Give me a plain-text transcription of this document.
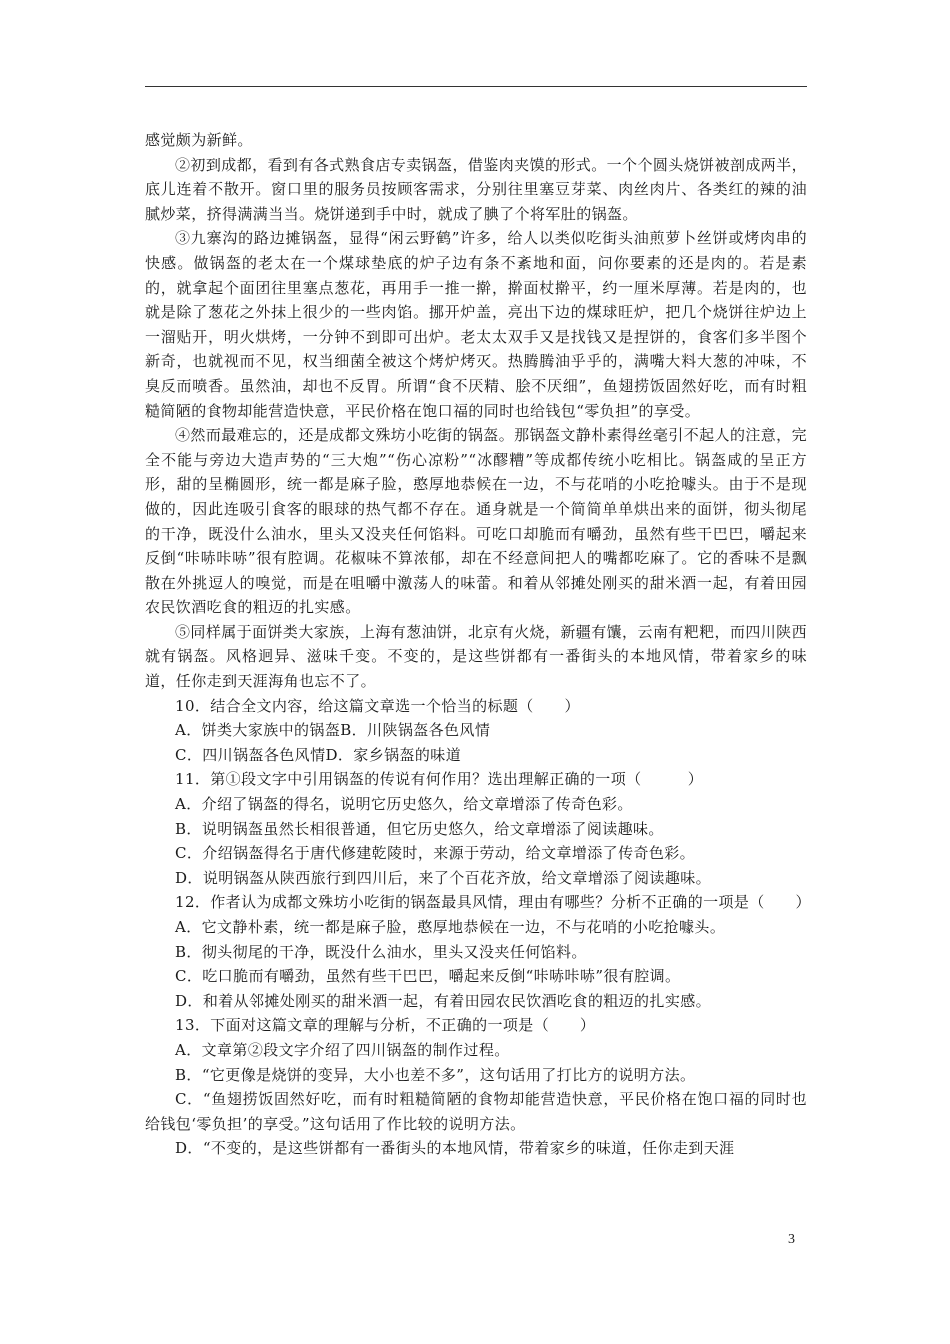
感觉颇为新鲜。

②初到成都，看到有各式熟食店专卖锅盔，借鉴肉夹馍的形式。一个个圆头烧饼被剖成两半，底儿连着不散开。窗口里的服务员按顾客需求，分别往里塞豆芽菜、肉丝肉片、各类红的辣的油腻炒菜，挤得满满当当。烧饼递到手中时，就成了腆了个将军肚的锅盔。

③九寨沟的路边摊锅盔，显得“闲云野鹤”许多，给人以类似吃街头油煎萝卜丝饼或烤肉串的快感。做锅盔的老太在一个煤球垫底的炉子边有条不紊地和面，问你要素的还是肉的。若是素的，就拿起个面团往里塞点葱花，再用手一推一擀，擀面杖擀平，约一厘米厚薄。若是肉的，也就是除了葱花之外抹上很少的一些肉馅。挪开炉盖，亮出下边的煤球旺炉，把几个烧饼往炉边上一溜贴开，明火烘烤，一分钟不到即可出炉。老太太双手又是找钱又是捏饼的，食客们多半图个新奇，也就视而不见，权当细菌全被这个烤炉烤灭。热腾腾油乎乎的，满嘴大料大葱的冲味，不臭反而喷香。虽然油，却也不反胃。所谓“食不厌精、脍不厌细”，鱼翅捞饭固然好吃，而有时粗糙简陋的食物却能营造快意，平民价格在饱口福的同时也给钱包“零负担”的享受。

④然而最难忘的，还是成都文殊坊小吃街的锅盔。那锅盔文静朴素得丝毫引不起人的注意，完全不能与旁边大造声势的“三大炮”“伤心凉粉”“冰醪糟”等成都传统小吃相比。锅盔咸的呈正方形，甜的呈椭圆形，统一都是麻子脸，憨厚地恭候在一边，不与花哨的小吃抢噱头。由于不是现做的，因此连吸引食客的眼球的热气都不存在。通身就是一个简简单单烘出来的面饼，彻头彻尾的干净，既没什么油水，里头又没夹任何馅料。可吃口却脆而有嚼劲，虽然有些干巴巴，嚼起来反倒“咔哧咔哧”很有腔调。花椒味不算浓郁，却在不经意间把人的嘴都吃麻了。它的香味不是飘散在外挑逗人的嗅觉，而是在咀嚼中激荡人的味蕾。和着从邻摊处刚买的甜米酒一起，有着田园农民饮酒吃食的粗迈的扎实感。

⑤同样属于面饼类大家族，上海有葱油饼，北京有火烧，新疆有馕，云南有粑粑，而四川陕西就有锅盔。风格迥异、滋味千变。不变的，是这些饼都有一番街头的本地风情，带着家乡的味道，任你走到天涯海角也忘不了。

10．结合全文内容，给这篇文章选一个恰当的标题（　　）

A．饼类大家族中的锅盔B．川陕锅盔各色风情

C．四川锅盔各色风情D．家乡锅盔的味道

11．第①段文字中引用锅盔的传说有何作用？选出理解正确的一项（　　　）

A．介绍了锅盔的得名，说明它历史悠久，给文章增添了传奇色彩。

B．说明锅盔虽然长相很普通，但它历史悠久，给文章增添了阅读趣味。

C．介绍锅盔得名于唐代修建乾陵时，来源于劳动，给文章增添了传奇色彩。

D．说明锅盔从陕西旅行到四川后，来了个百花齐放，给文章增添了阅读趣味。

12．作者认为成都文殊坊小吃街的锅盔最具风情，理由有哪些？分析不正确的一项是（　　）

A．它文静朴素，统一都是麻子脸，憨厚地恭候在一边，不与花哨的小吃抢噱头。

B．彻头彻尾的干净，既没什么油水，里头又没夹任何馅料。

C．吃口脆而有嚼劲，虽然有些干巴巴，嚼起来反倒“咔哧咔哧”很有腔调。

D．和着从邻摊处刚买的甜米酒一起，有着田园农民饮酒吃食的粗迈的扎实感。

13．下面对这篇文章的理解与分析，不正确的一项是（　　）

A．文章第②段文字介绍了四川锅盔的制作过程。

B．“它更像是烧饼的变异，大小也差不多”，这句话用了打比方的说明方法。

C．“鱼翅捞饭固然好吃，而有时粗糙简陋的食物却能营造快意，平民价格在饱口福的同时也给钱包‘零负担’的享受。”这句话用了作比较的说明方法。

D．“不变的，是这些饼都有一番街头的本地风情，带着家乡的味道，任你走到天涯

3
